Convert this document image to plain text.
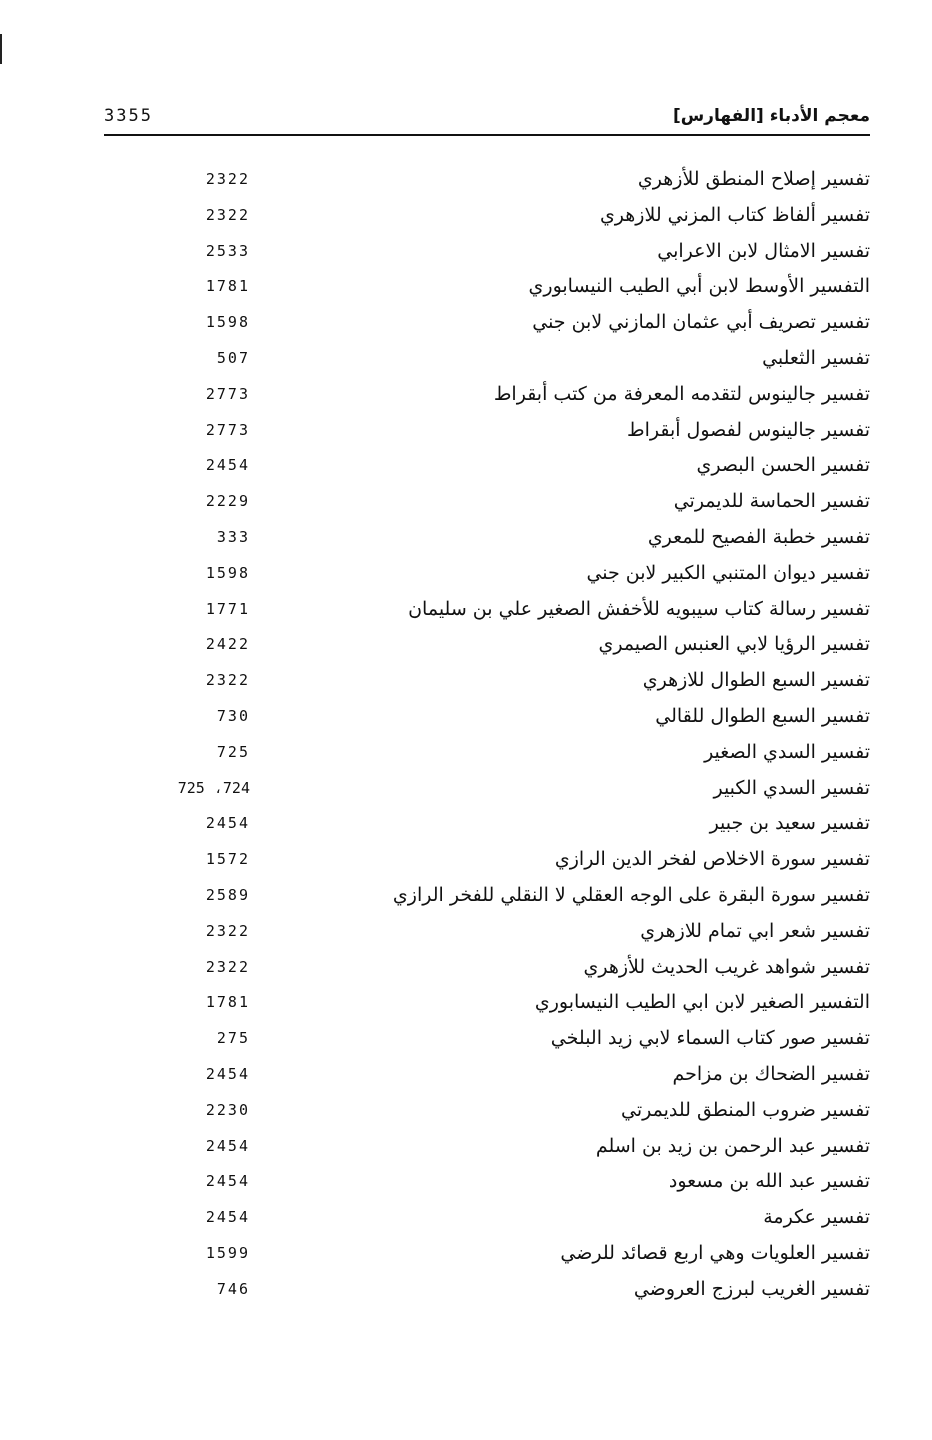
معجم الأدباء [الفهارس]
3355
تفسير إصلاح المنطق للأزهري
2322
تفسير ألفاظ كتاب المزني للازهري
2322
تفسير الامثال لابن الاعرابي
2533
التفسير الأوسط لابن أبي الطيب النيسابوري
1781
تفسير تصريف أبي عثمان المازني لابن جني
1598
تفسير الثعلبي
507
تفسير جالينوس لتقدمه المعرفة من كتب أبقراط
2773
تفسير جالينوس لفصول أبقراط
2773
تفسير الحسن البصري
2454
تفسير الحماسة للديمرتي
2229
تفسير خطبة الفصيح للمعري
333
تفسير ديوان المتنبي الكبير لابن جني
1598
تفسير رسالة كتاب سيبويه للأخفش الصغير علي بن سليمان
1771
تفسير الرؤيا لابي العنبس الصيمري
2422
تفسير السبع الطوال للازهري
2322
تفسير السبع الطوال للقالي
730
تفسير السدي الصغير
725
تفسير السدي الكبير
724، 725
تفسير سعيد بن جبير
2454
تفسير سورة الاخلاص لفخر الدين الرازي
1572
تفسير سورة البقرة على الوجه العقلي لا النقلي للفخر الرازي
2589
تفسير شعر ابي تمام للازهري
2322
تفسير شواهد غريب الحديث للأزهري
2322
التفسير الصغير لابن ابي الطيب النيسابوري
1781
تفسير صور كتاب السماء لابي زيد البلخي
275
تفسير الضحاك بن مزاحم
2454
تفسير ضروب المنطق للديمرتي
2230
تفسير عبد الرحمن بن زيد بن اسلم
2454
تفسير عبد الله بن مسعود
2454
تفسير عكرمة
2454
تفسير العلويات وهي اربع قصائد للرضي
1599
تفسير الغريب لبرزج العروضي
746
